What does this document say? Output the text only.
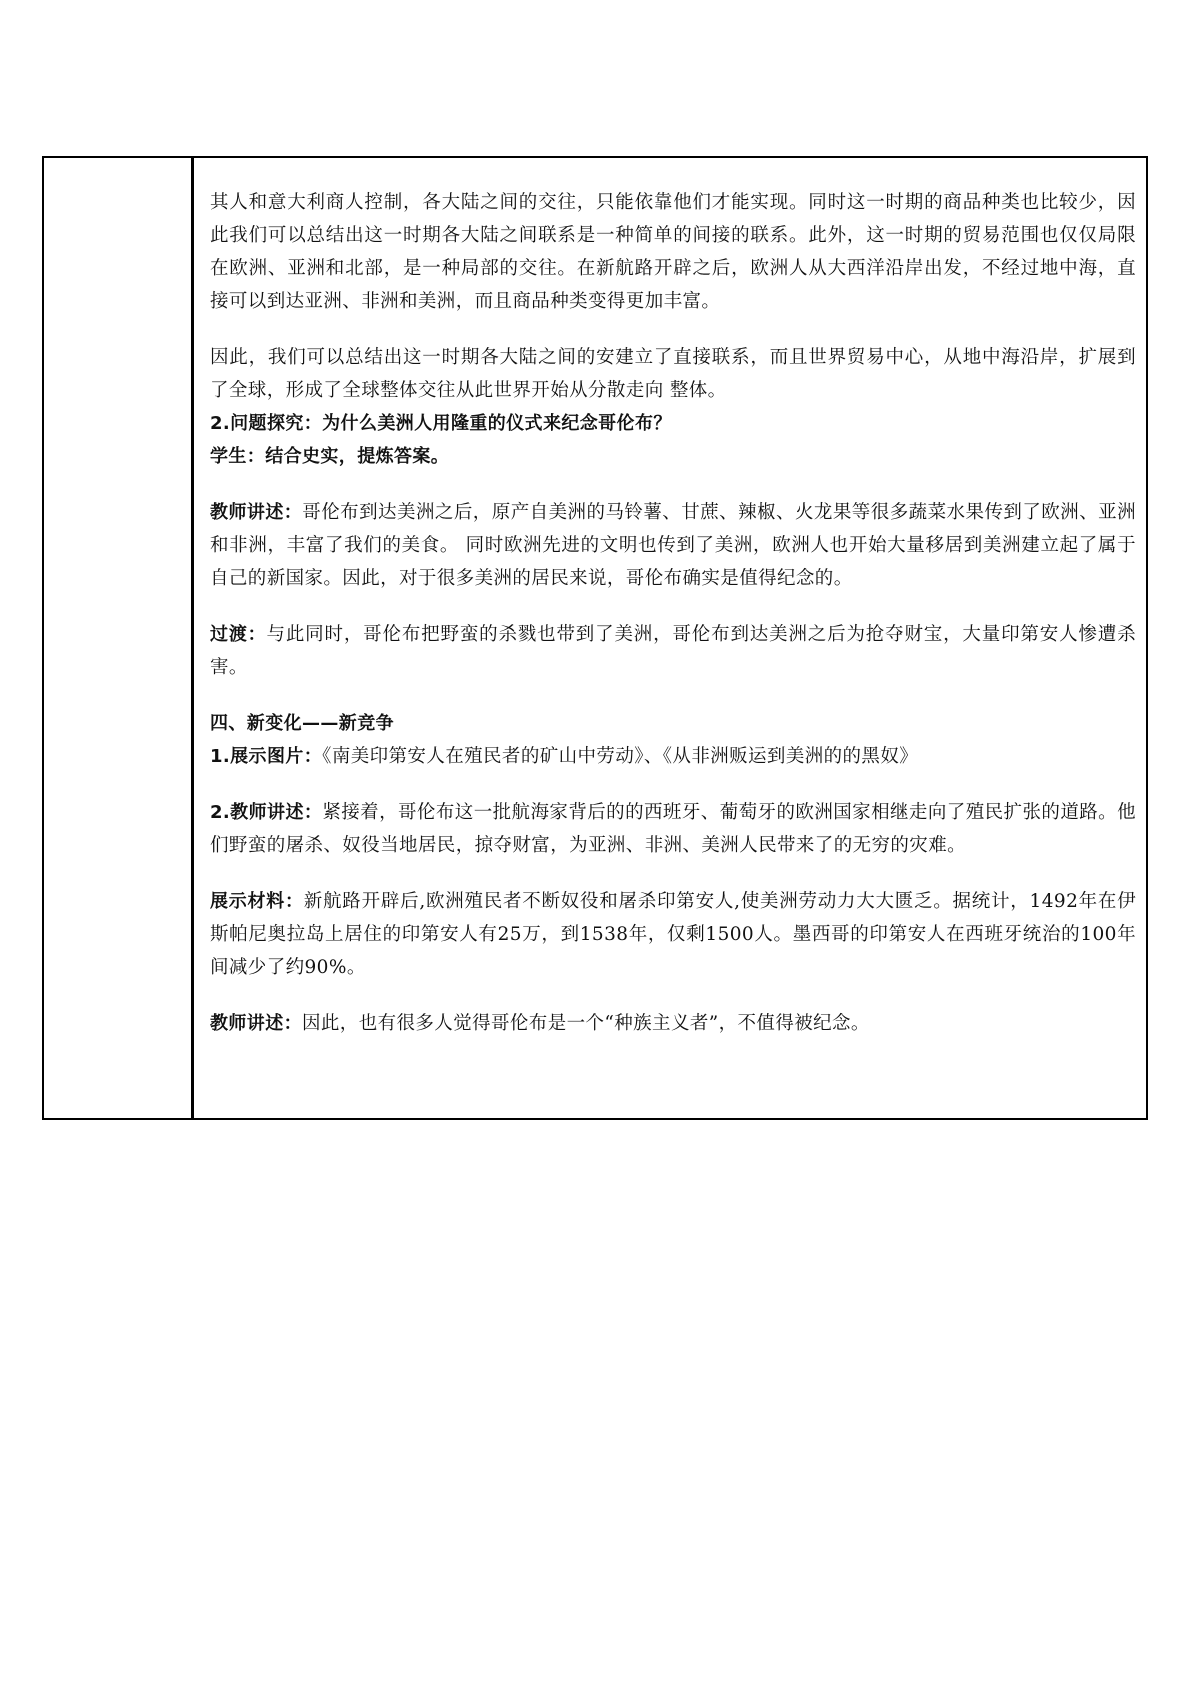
其人和意大利商人控制，各大陆之间的交往，只能依靠他们才能实现。同时这一时期的商品种类也比较少，因此我们可以总结出这一时期各大陆之间联系是一种简单的间接的联系。此外，这一时期的贸易范围也仅仅局限在欧洲、亚洲和北部，是一种局部的交往。在新航路开辟之后，欧洲人从大西洋沿岸出发，不经过地中海，直接可以到达亚洲、非洲和美洲，而且商品种类变得更加丰富。

因此，我们可以总结出这一时期各大陆之间的安建立了直接联系，而且世界贸易中心，从地中海沿岸，扩展到了全球，形成了全球整体交往从此世界开始从分散走向 整体。

2.问题探究：为什么美洲人用隆重的仪式来纪念哥伦布？

学生：结合史实，提炼答案。

教师讲述：哥伦布到达美洲之后，原产自美洲的马铃薯、甘蔗、辣椒、火龙果等很多蔬菜水果传到了欧洲、亚洲和非洲，丰富了我们的美食。 同时欧洲先进的文明也传到了美洲，欧洲人也开始大量移居到美洲建立起了属于自己的新国家。因此，对于很多美洲的居民来说，哥伦布确实是值得纪念的。

过渡：与此同时，哥伦布把野蛮的杀戮也带到了美洲，哥伦布到达美洲之后为抢夺财宝，大量印第安人惨遭杀害。

四、新变化——新竞争

1.展示图片：《南美印第安人在殖民者的矿山中劳动》、《从非洲贩运到美洲的的黑奴》

2.教师讲述：紧接着，哥伦布这一批航海家背后的的西班牙、葡萄牙的欧洲国家相继走向了殖民扩张的道路。他们野蛮的屠杀、奴役当地居民，掠夺财富，为亚洲、非洲、美洲人民带来了的无穷的灾难。

展示材料：新航路开辟后,欧洲殖民者不断奴役和屠杀印第安人,使美洲劳动力大大匮乏。据统计，1492年在伊斯帕尼奥拉岛上居住的印第安人有25万，到1538年，仅剩1500人。墨西哥的印第安人在西班牙统治的100年间减少了约90%。

教师讲述：因此，也有很多人觉得哥伦布是一个“种族主义者”，不值得被纪念。
